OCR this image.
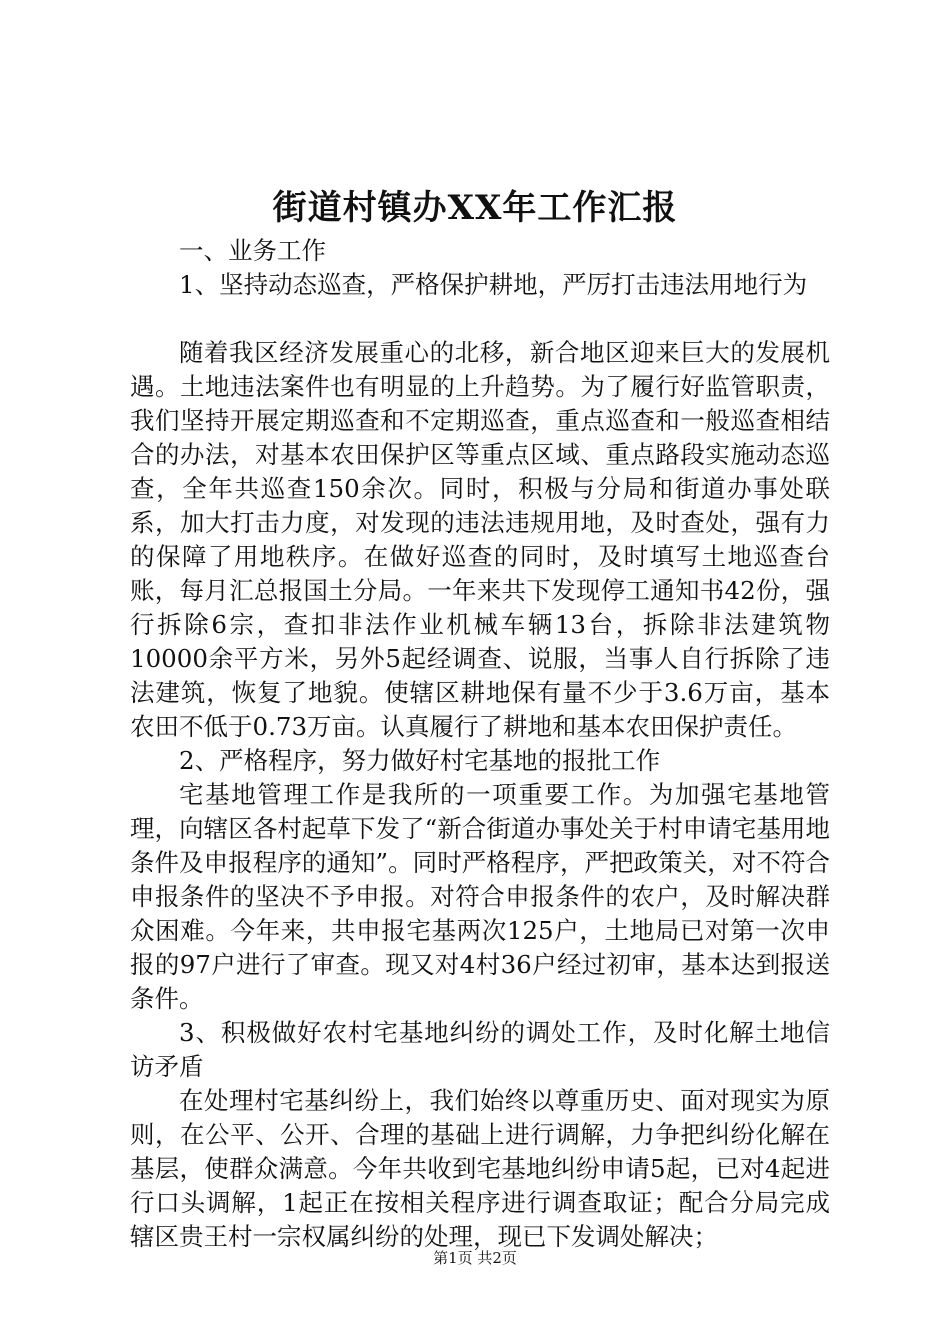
街道村镇办XX年工作汇报

一、业务工作

1、坚持动态巡查，严格保护耕地，严厉打击违法用地行为

随着我区经济发展重心的北移，新合地区迎来巨大的发展机遇。土地违法案件也有明显的上升趋势。为了履行好监管职责，我们坚持开展定期巡查和不定期巡查，重点巡查和一般巡查相结合的办法，对基本农田保护区等重点区域、重点路段实施动态巡查，全年共巡查150余次。同时，积极与分局和街道办事处联系，加大打击力度，对发现的违法违规用地，及时查处，强有力的保障了用地秩序。在做好巡查的同时，及时填写土地巡查台账，每月汇总报国土分局。一年来共下发现停工通知书42份，强行拆除6宗，查扣非法作业机械车辆13台，拆除非法建筑物10000余平方米，另外5起经调查、说服，当事人自行拆除了违法建筑，恢复了地貌。使辖区耕地保有量不少于3.6万亩，基本农田不低于0.73万亩。认真履行了耕地和基本农田保护责任。

2、严格程序，努力做好村宅基地的报批工作

宅基地管理工作是我所的一项重要工作。为加强宅基地管理，向辖区各村起草下发了“新合街道办事处关于村申请宅基用地条件及申报程序的通知”。同时严格程序，严把政策关，对不符合申报条件的坚决不予申报。对符合申报条件的农户，及时解决群众困难。今年来，共申报宅基两次125户，土地局已对第一次申报的97户进行了审查。现又对4村36户经过初审，基本达到报送条件。

3、积极做好农村宅基地纠纷的调处工作，及时化解土地信访矛盾

在处理村宅基纠纷上，我们始终以尊重历史、面对现实为原则，在公平、公开、合理的基础上进行调解，力争把纠纷化解在基层，使群众满意。今年共收到宅基地纠纷申请5起，已对4起进行口头调解，1起正在按相关程序进行调查取证；配合分局完成辖区贵王村一宗权属纠纷的处理，现已下发调处解决；

第1页 共2页
